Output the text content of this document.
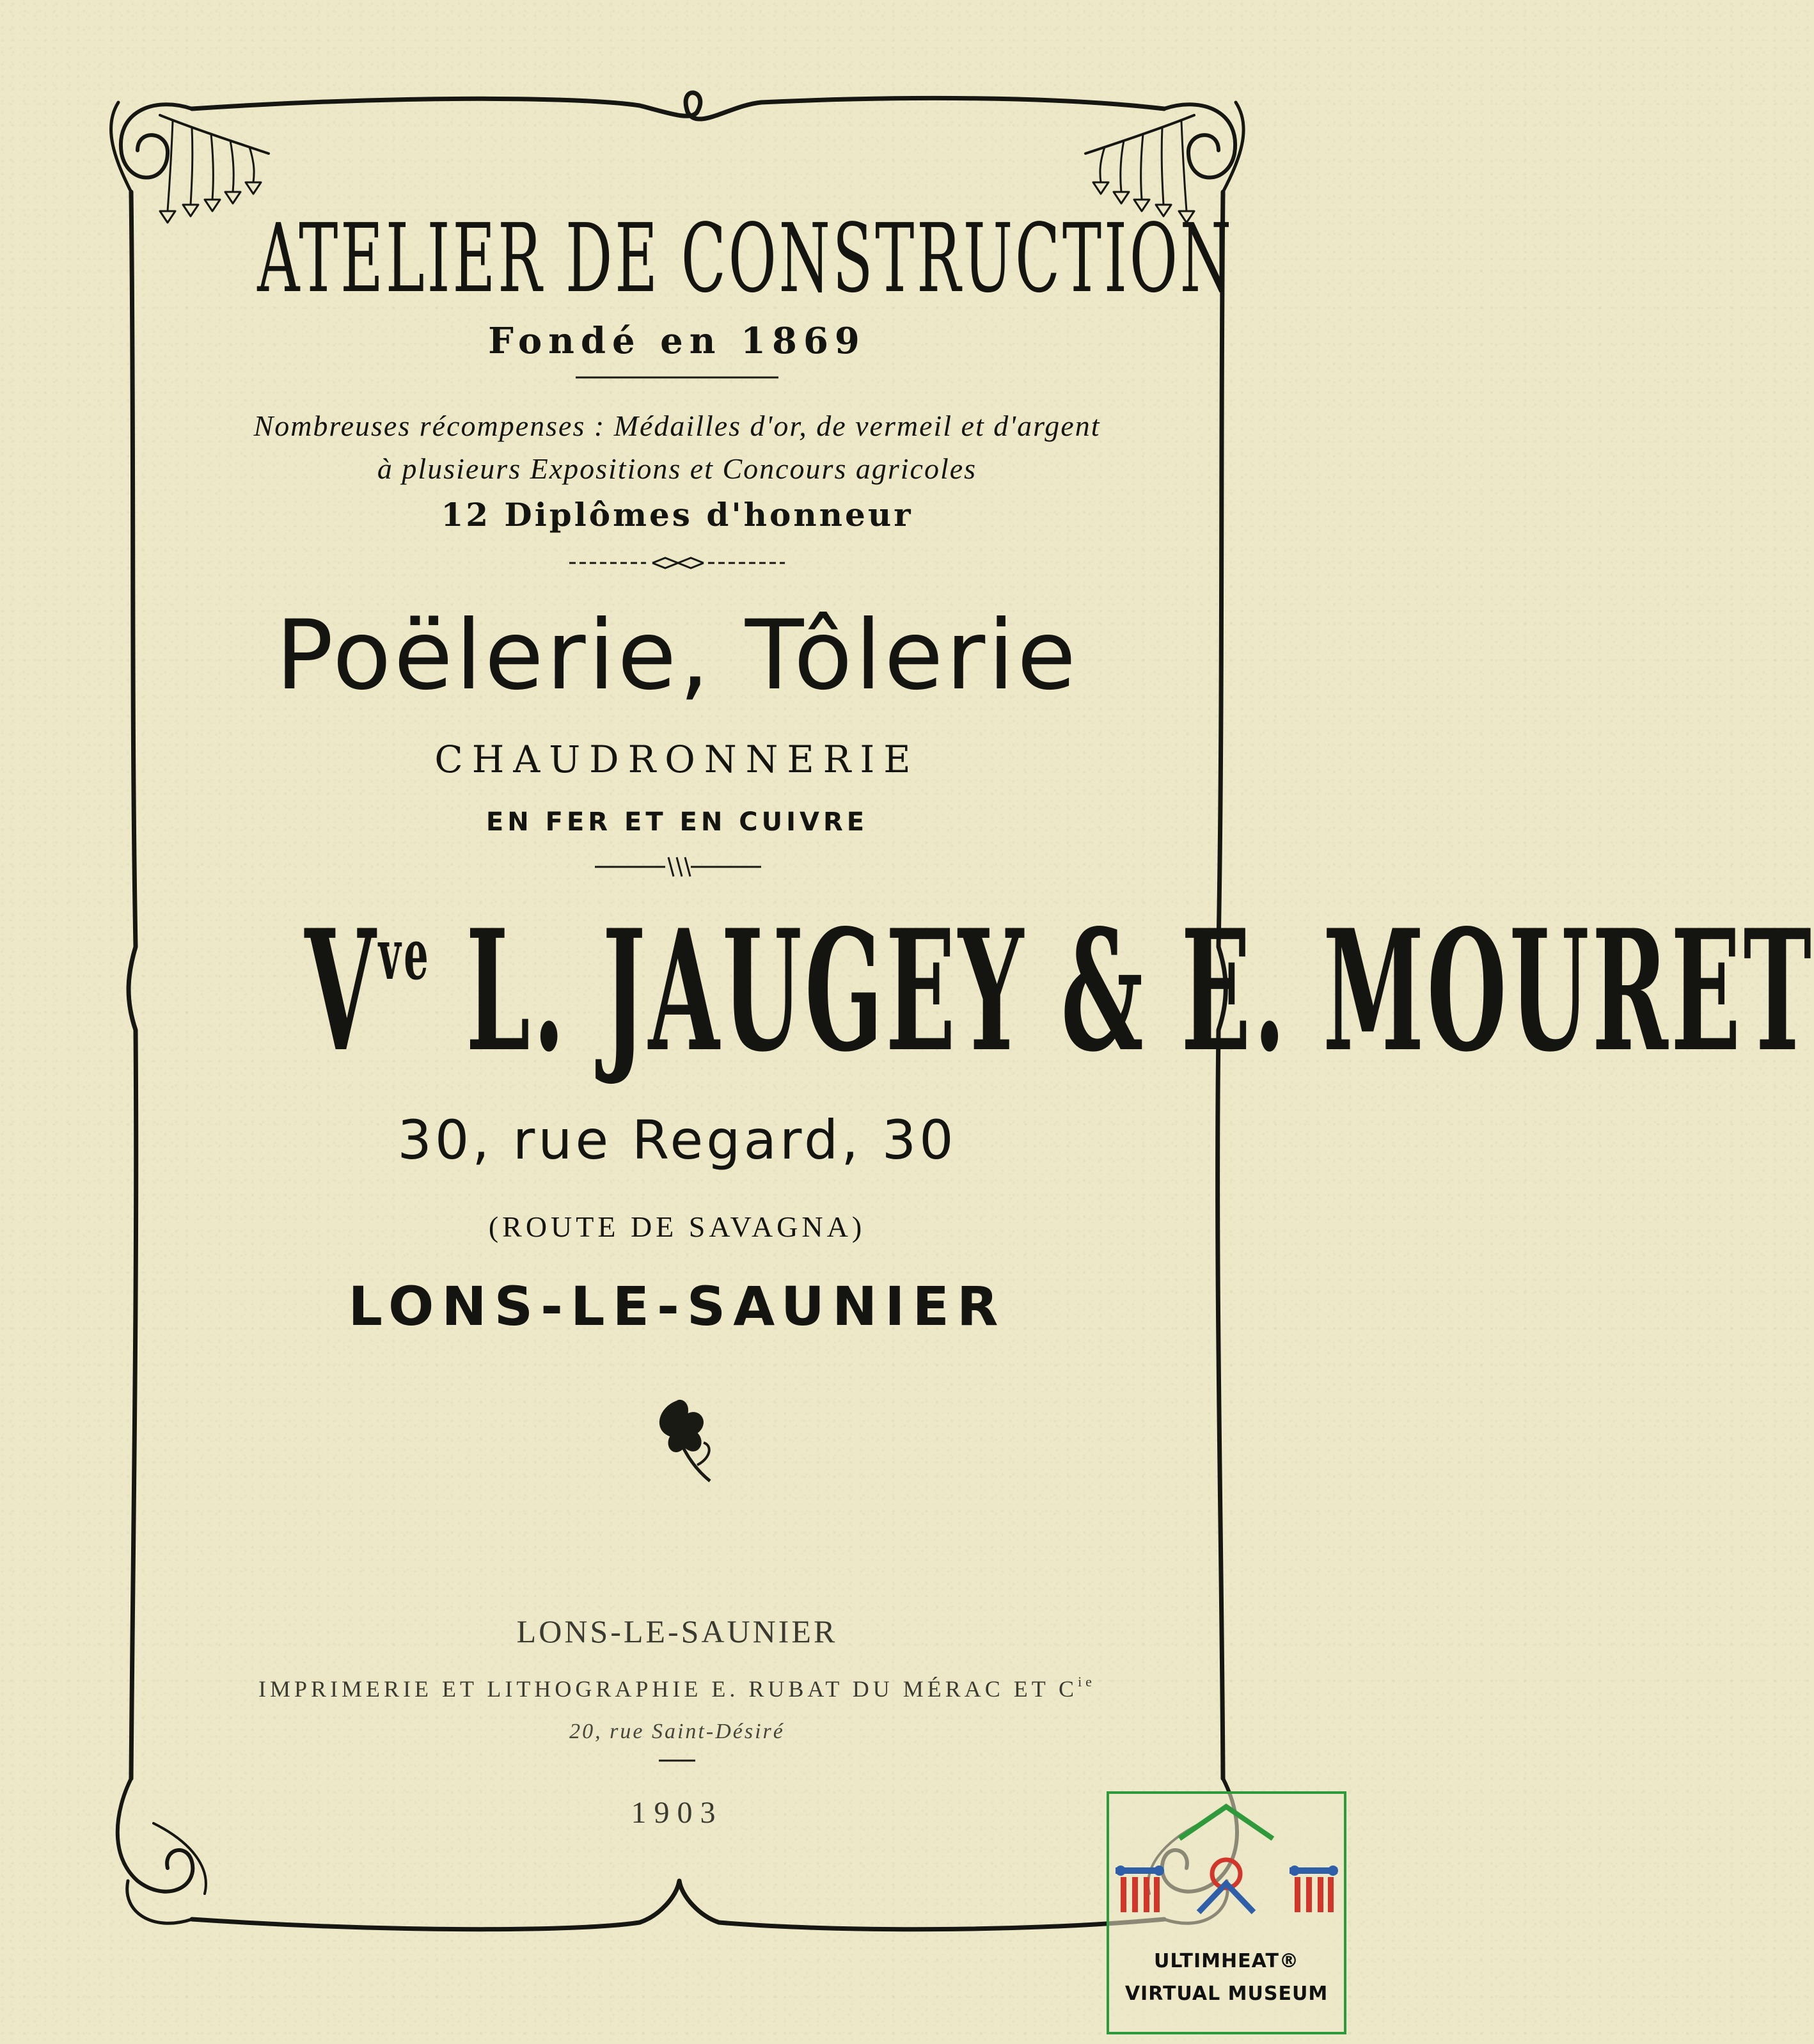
ATELIER DE CONSTRUCTION
Fondé en 1869
Nombreuses récompenses : Médailles d'or, de vermeil et d'argent
à plusieurs Expositions et Concours agricoles
12 Diplômes d'honneur
Poëlerie, Tôlerie
CHAUDRONNERIE
EN FER ET EN CUIVRE
$V^{ve}$ L. JAUGEY & E. MOURET
30, rue Regard, 30
(ROUTE DE SAVAGNA)
LONS-LE-SAUNIER
LONS-LE-SAUNIER
IMPRIMERIE ET LITHOGRAPHIE E. RUBAT DU MÉRAC ET $C^{ie}$
20, rue Saint-Désiré
1903
ULTIMHEAT®
VIRTUAL MUSEUM
